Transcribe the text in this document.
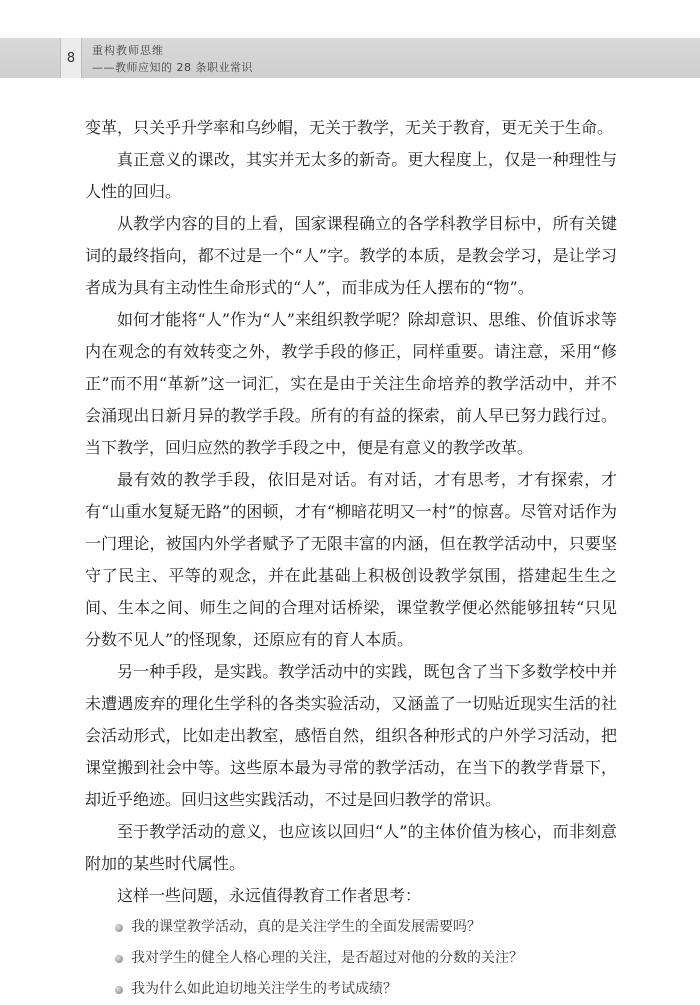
8 重构教师思维
——教师应知的 28 条职业常识

变革，只关乎升学率和乌纱帽，无关于教学，无关于教育，更无关于生命。

真正意义的课改，其实并无太多的新奇。更大程度上，仅是一种理性与人性的回归。

从教学内容的目的上看，国家课程确立的各学科教学目标中，所有关键词的最终指向，都不过是一个“人”字。教学的本质，是教会学习，是让学习者成为具有主动性生命形式的“人”，而非成为任人摆布的“物”。

如何才能将“人”作为“人”来组织教学呢？除却意识、思维、价值诉求等内在观念的有效转变之外，教学手段的修正，同样重要。请注意，采用“修正”而不用“革新”这一词汇，实在是由于关注生命培养的教学活动中，并不会涌现出日新月异的教学手段。所有的有益的探索，前人早已努力践行过。当下教学，回归应然的教学手段之中，便是有意义的教学改革。

最有效的教学手段，依旧是对话。有对话，才有思考，才有探索，才有“山重水复疑无路”的困顿，才有“柳暗花明又一村”的惊喜。尽管对话作为一门理论，被国内外学者赋予了无限丰富的内涵，但在教学活动中，只要坚守了民主、平等的观念，并在此基础上积极创设教学氛围，搭建起生生之间、生本之间、师生之间的合理对话桥梁，课堂教学便必然能够扭转“只见分数不见人”的怪现象，还原应有的育人本质。

另一种手段，是实践。教学活动中的实践，既包含了当下多数学校中并未遭遇废弃的理化生学科的各类实验活动，又涵盖了一切贴近现实生活的社会活动形式，比如走出教室，感悟自然，组织各种形式的户外学习活动，把课堂搬到社会中等。这些原本最为寻常的教学活动，在当下的教学背景下，却近乎绝迹。回归这些实践活动，不过是回归教学的常识。

至于教学活动的意义，也应该以回归“人”的主体价值为核心，而非刻意附加的某些时代属性。

这样一些问题，永远值得教育工作者思考：

我的课堂教学活动，真的是关注学生的全面发展需要吗？
我对学生的健全人格心理的关注，是否超过对他的分数的关注？
我为什么如此迫切地关注学生的考试成绩？
